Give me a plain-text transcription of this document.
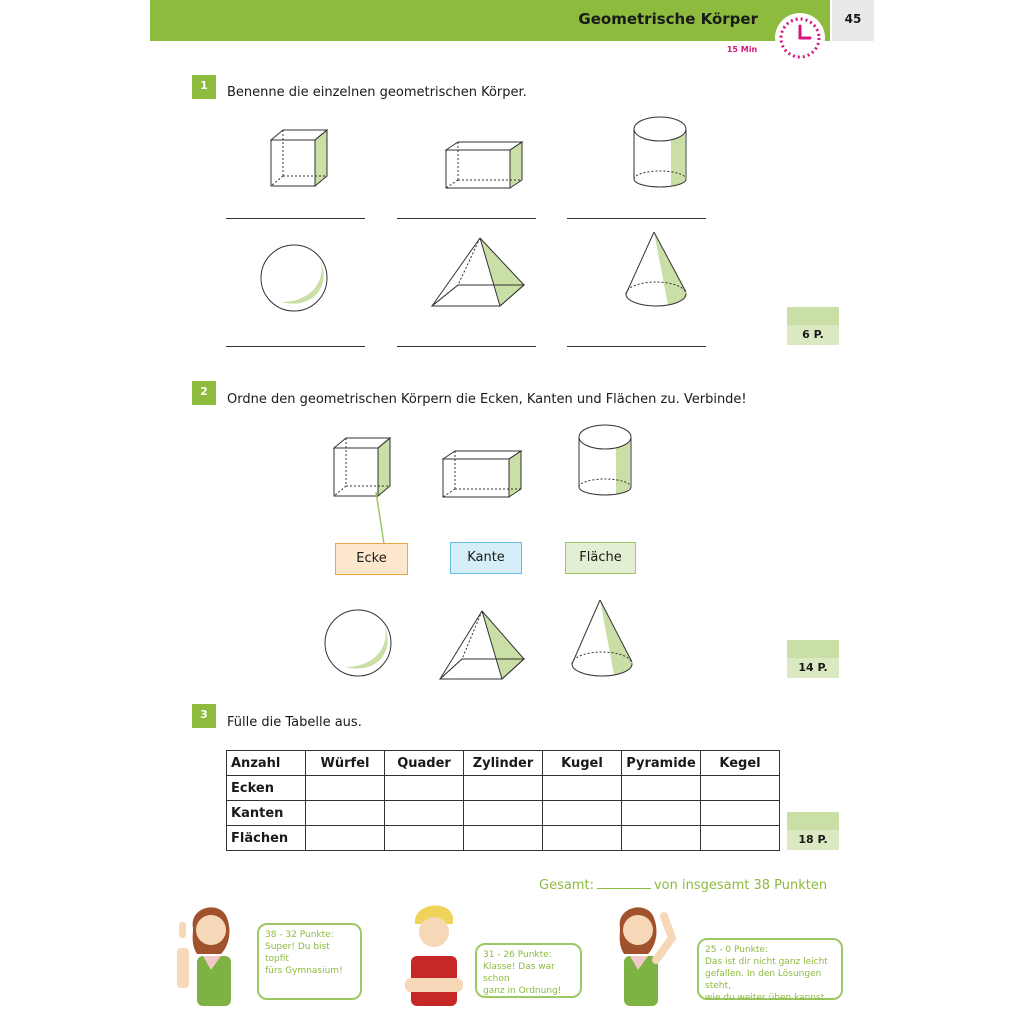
Geometrische Körper	45
15 Min
1	Benenne die einzelnen geometrischen Körper.
6 P.
2
Ordne den geometrischen Körpern die Ecken, Kanten und Flächen zu. Verbinde!
Ecke	Kante	Fläche
14 P.
3
Fülle die Tabelle aus.
Anzahl	Würfel	Quader	Zylinder	Kugel	Pyramide	Kegel
Ecken						
Kanten						
Flächen							18 P.
Gesamt:	von insgesamt 38 Punkten
38 - 32 Punkte:
Super! Du bist topfit
fürs Gymnasium!
31 - 26 Punkte:
Klasse! Das war schon
ganz in Ordnung!
25 - 0 Punkte:
Das ist dir nicht ganz leicht
gefallen. In den Lösungen steht,
wie du weiter üben kannst.
